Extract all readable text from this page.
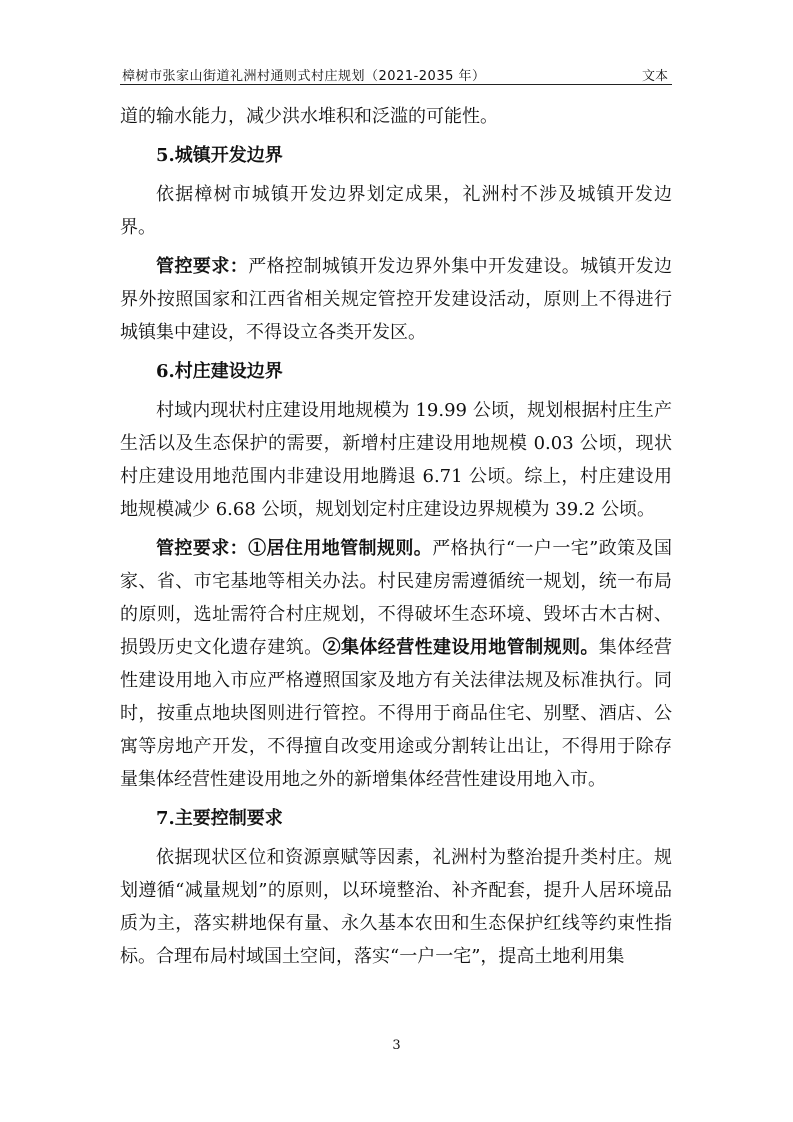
樟树市张家山街道礼洲村通则式村庄规划（2021-2035 年）	文本

道的输水能力，减少洪水堆积和泛滥的可能性。

5.城镇开发边界

依据樟树市城镇开发边界划定成果，礼洲村不涉及城镇开发边界。

管控要求：严格控制城镇开发边界外集中开发建设。城镇开发边界外按照国家和江西省相关规定管控开发建设活动，原则上不得进行城镇集中建设，不得设立各类开发区。

6.村庄建设边界

村域内现状村庄建设用地规模为 19.99 公顷，规划根据村庄生产生活以及生态保护的需要，新增村庄建设用地规模 0.03 公顷，现状村庄建设用地范围内非建设用地腾退 6.71 公顷。综上，村庄建设用地规模减少 6.68 公顷，规划划定村庄建设边界规模为 39.2 公顷。

管控要求：①居住用地管制规则。严格执行“一户一宅”政策及国家、省、市宅基地等相关办法。村民建房需遵循统一规划，统一布局的原则，选址需符合村庄规划，不得破坏生态环境、毁坏古木古树、损毁历史文化遗存建筑。②集体经营性建设用地管制规则。集体经营性建设用地入市应严格遵照国家及地方有关法律法规及标准执行。同时，按重点地块图则进行管控。不得用于商品住宅、别墅、酒店、公寓等房地产开发，不得擅自改变用途或分割转让出让，不得用于除存量集体经营性建设用地之外的新增集体经营性建设用地入市。

7.主要控制要求

依据现状区位和资源禀赋等因素，礼洲村为整治提升类村庄。规划遵循“减量规划”的原则，以环境整治、补齐配套，提升人居环境品质为主，落实耕地保有量、永久基本农田和生态保护红线等约束性指标。合理布局村域国土空间，落实“一户一宅”，提高土地利用集

3
